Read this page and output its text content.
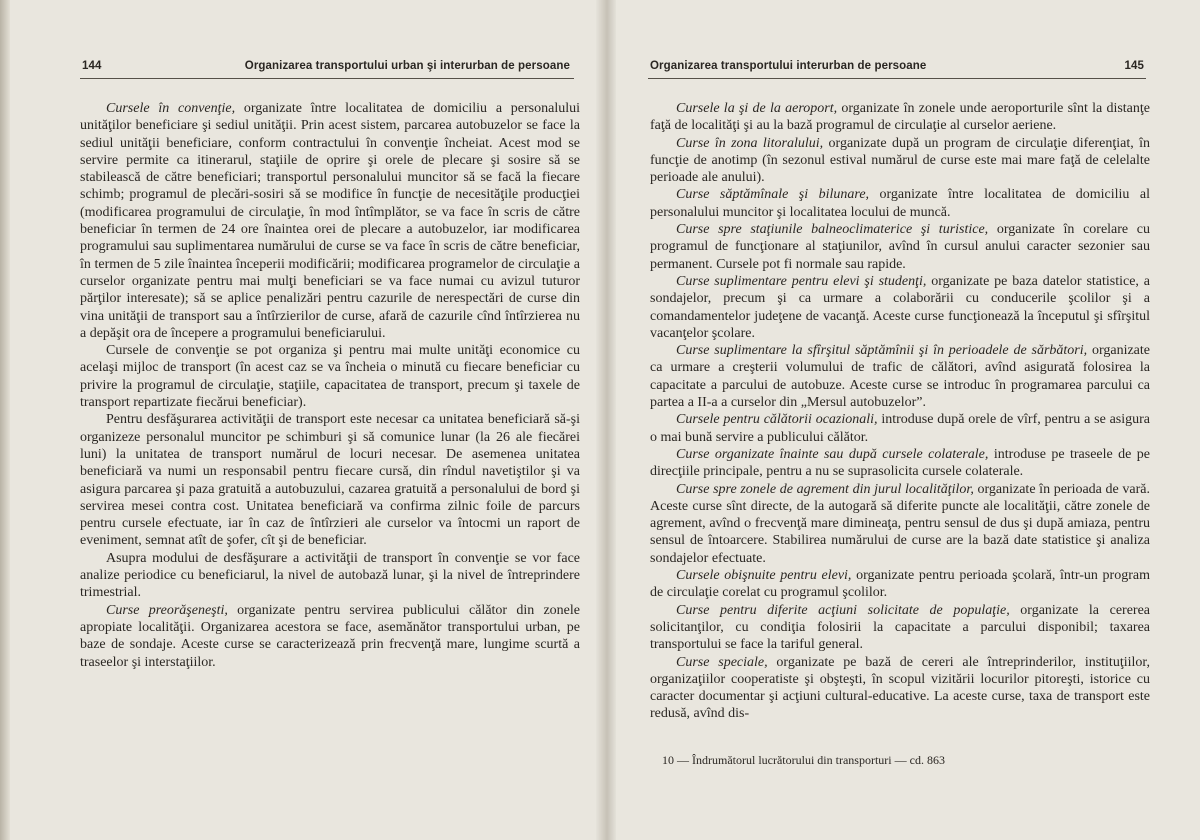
144	Organizarea transportului urban şi interurban de persoane

Cursele în convenţie, organizate între localitatea de domiciliu a personalului unităţilor beneficiare şi sediul unităţii. Prin acest sistem, parcarea autobuzelor se face la sediul unităţii beneficiare, conform contractului în convenţie încheiat. Acest mod se servire permite ca itinerarul, staţiile de oprire şi orele de plecare şi sosire să se stabilească de către beneficiari; transportul personalului muncitor să se facă la fiecare schimb; programul de plecări-sosiri să se modifice în funcţie de necesităţile producţiei (modificarea programului de circulaţie, în mod întîmplător, se va face în scris de către beneficiar în termen de 24 ore înaintea orei de plecare a autobuzelor, iar modificarea programului sau suplimentarea numărului de curse se va face în scris de către beneficiar, în termen de 5 zile înaintea începerii modificării; modificarea programelor de circulaţie a curselor organizate pentru mai mulţi beneficiari se va face numai cu avizul tuturor părţilor interesate); să se aplice penalizări pentru cazurile de nerespectări de curse din vina unităţii de transport sau a întîrzierilor de curse, afară de cazurile cînd întîrzierea nu a depăşit ora de începere a programului beneficiarului.

Cursele de convenţie se pot organiza şi pentru mai multe unităţi economice cu acelaşi mijloc de transport (în acest caz se va încheia o minută cu fiecare beneficiar cu privire la programul de circulaţie, staţiile, capacitatea de transport, precum şi taxele de transport repartizate fiecărui beneficiar).

Pentru desfăşurarea activităţii de transport este necesar ca unitatea beneficiară să-şi organizeze personalul muncitor pe schimburi şi să comunice lunar (la 26 ale fiecărei luni) la unitatea de transport numărul de locuri necesar. De asemenea unitatea beneficiară va numi un responsabil pentru fiecare cursă, din rîndul navetiştilor şi va asigura parcarea şi paza gratuită a autobuzului, cazarea gratuită a personalului de bord şi servirea mesei contra cost. Unitatea beneficiară va confirma zilnic foile de parcurs pentru cursele efectuate, iar în caz de întîrzieri ale curselor va întocmi un raport de eveniment, semnat atît de şofer, cît şi de beneficiar.

Asupra modului de desfăşurare a activităţii de transport în convenţie se vor face analize periodice cu beneficiarul, la nivel de autobază lunar, şi la nivel de întreprindere trimestrial.

Curse preorăşeneşti, organizate pentru servirea publicului călător din zonele apropiate localităţii. Organizarea acestora se face, asemănător transportului urban, pe baze de sondaje. Aceste curse se caracterizează prin frecvenţă mare, lungime scurtă a traseelor şi interstaţiilor.

Organizarea transportului interurban de persoane	145

Cursele la şi de la aeroport, organizate în zonele unde aeroporturile sînt la distanţe faţă de localităţi şi au la bază programul de circulaţie al curselor aeriene.

Curse în zona litoralului, organizate după un program de circulaţie diferenţiat, în funcţie de anotimp (în sezonul estival numărul de curse este mai mare faţă de celelalte perioade ale anului).

Curse săptămînale şi bilunare, organizate între localitatea de domiciliu al personalului muncitor şi localitatea locului de muncă.

Curse spre staţiunile balneoclimaterice şi turistice, organizate în corelare cu programul de funcţionare al staţiunilor, avînd în cursul anului caracter sezonier sau permanent. Cursele pot fi normale sau rapide.

Curse suplimentare pentru elevi şi studenţi, organizate pe baza datelor statistice, a sondajelor, precum şi ca urmare a colaborării cu conducerile şcolilor şi a comandamentelor judeţene de vacanţă. Aceste curse funcţionează la începutul şi sfîrşitul vacanţelor şcolare.

Curse suplimentare la sfîrşitul săptămînii şi în perioadele de sărbători, organizate ca urmare a creşterii volumului de trafic de călători, avînd asigurată folosirea la capacitate a parcului de autobuze. Aceste curse se introduc în programarea parcului ca partea a II-a a curselor din „Mersul autobuzelor”.

Cursele pentru călătorii ocazionali, introduse după orele de vîrf, pentru a se asigura o mai bună servire a publicului călător.

Curse organizate înainte sau după cursele colaterale, introduse pe traseele de pe direcţiile principale, pentru a nu se suprasolicita cursele colaterale.

Curse spre zonele de agrement din jurul localităţilor, organizate în perioada de vară. Aceste curse sînt directe, de la autogară să diferite puncte ale localităţii, către zonele de agrement, avînd o frecvenţă mare dimineaţa, pentru sensul de dus şi după amiaza, pentru sensul de întoarcere. Stabilirea numărului de curse are la bază date statistice şi analiza sondajelor efectuate.

Cursele obişnuite pentru elevi, organizate pentru perioada şcolară, într-un program de circulaţie corelat cu programul şcolilor.

Curse pentru diferite acţiuni solicitate de populaţie, organizate la cererea solicitanţilor, cu condiţia folosirii la capacitate a parcului disponibil; taxarea transportului se face la tariful general.

Curse speciale, organizate pe bază de cereri ale întreprinderilor, instituţiilor, organizaţiilor cooperatiste şi obşteşti, în scopul vizitării locurilor pitoreşti, istorice cu caracter documentar şi acţiuni cultural-educative. La aceste curse, taxa de transport este redusă, avînd dis-

10 — Îndrumătorul lucrătorului din transporturi — cd. 863
